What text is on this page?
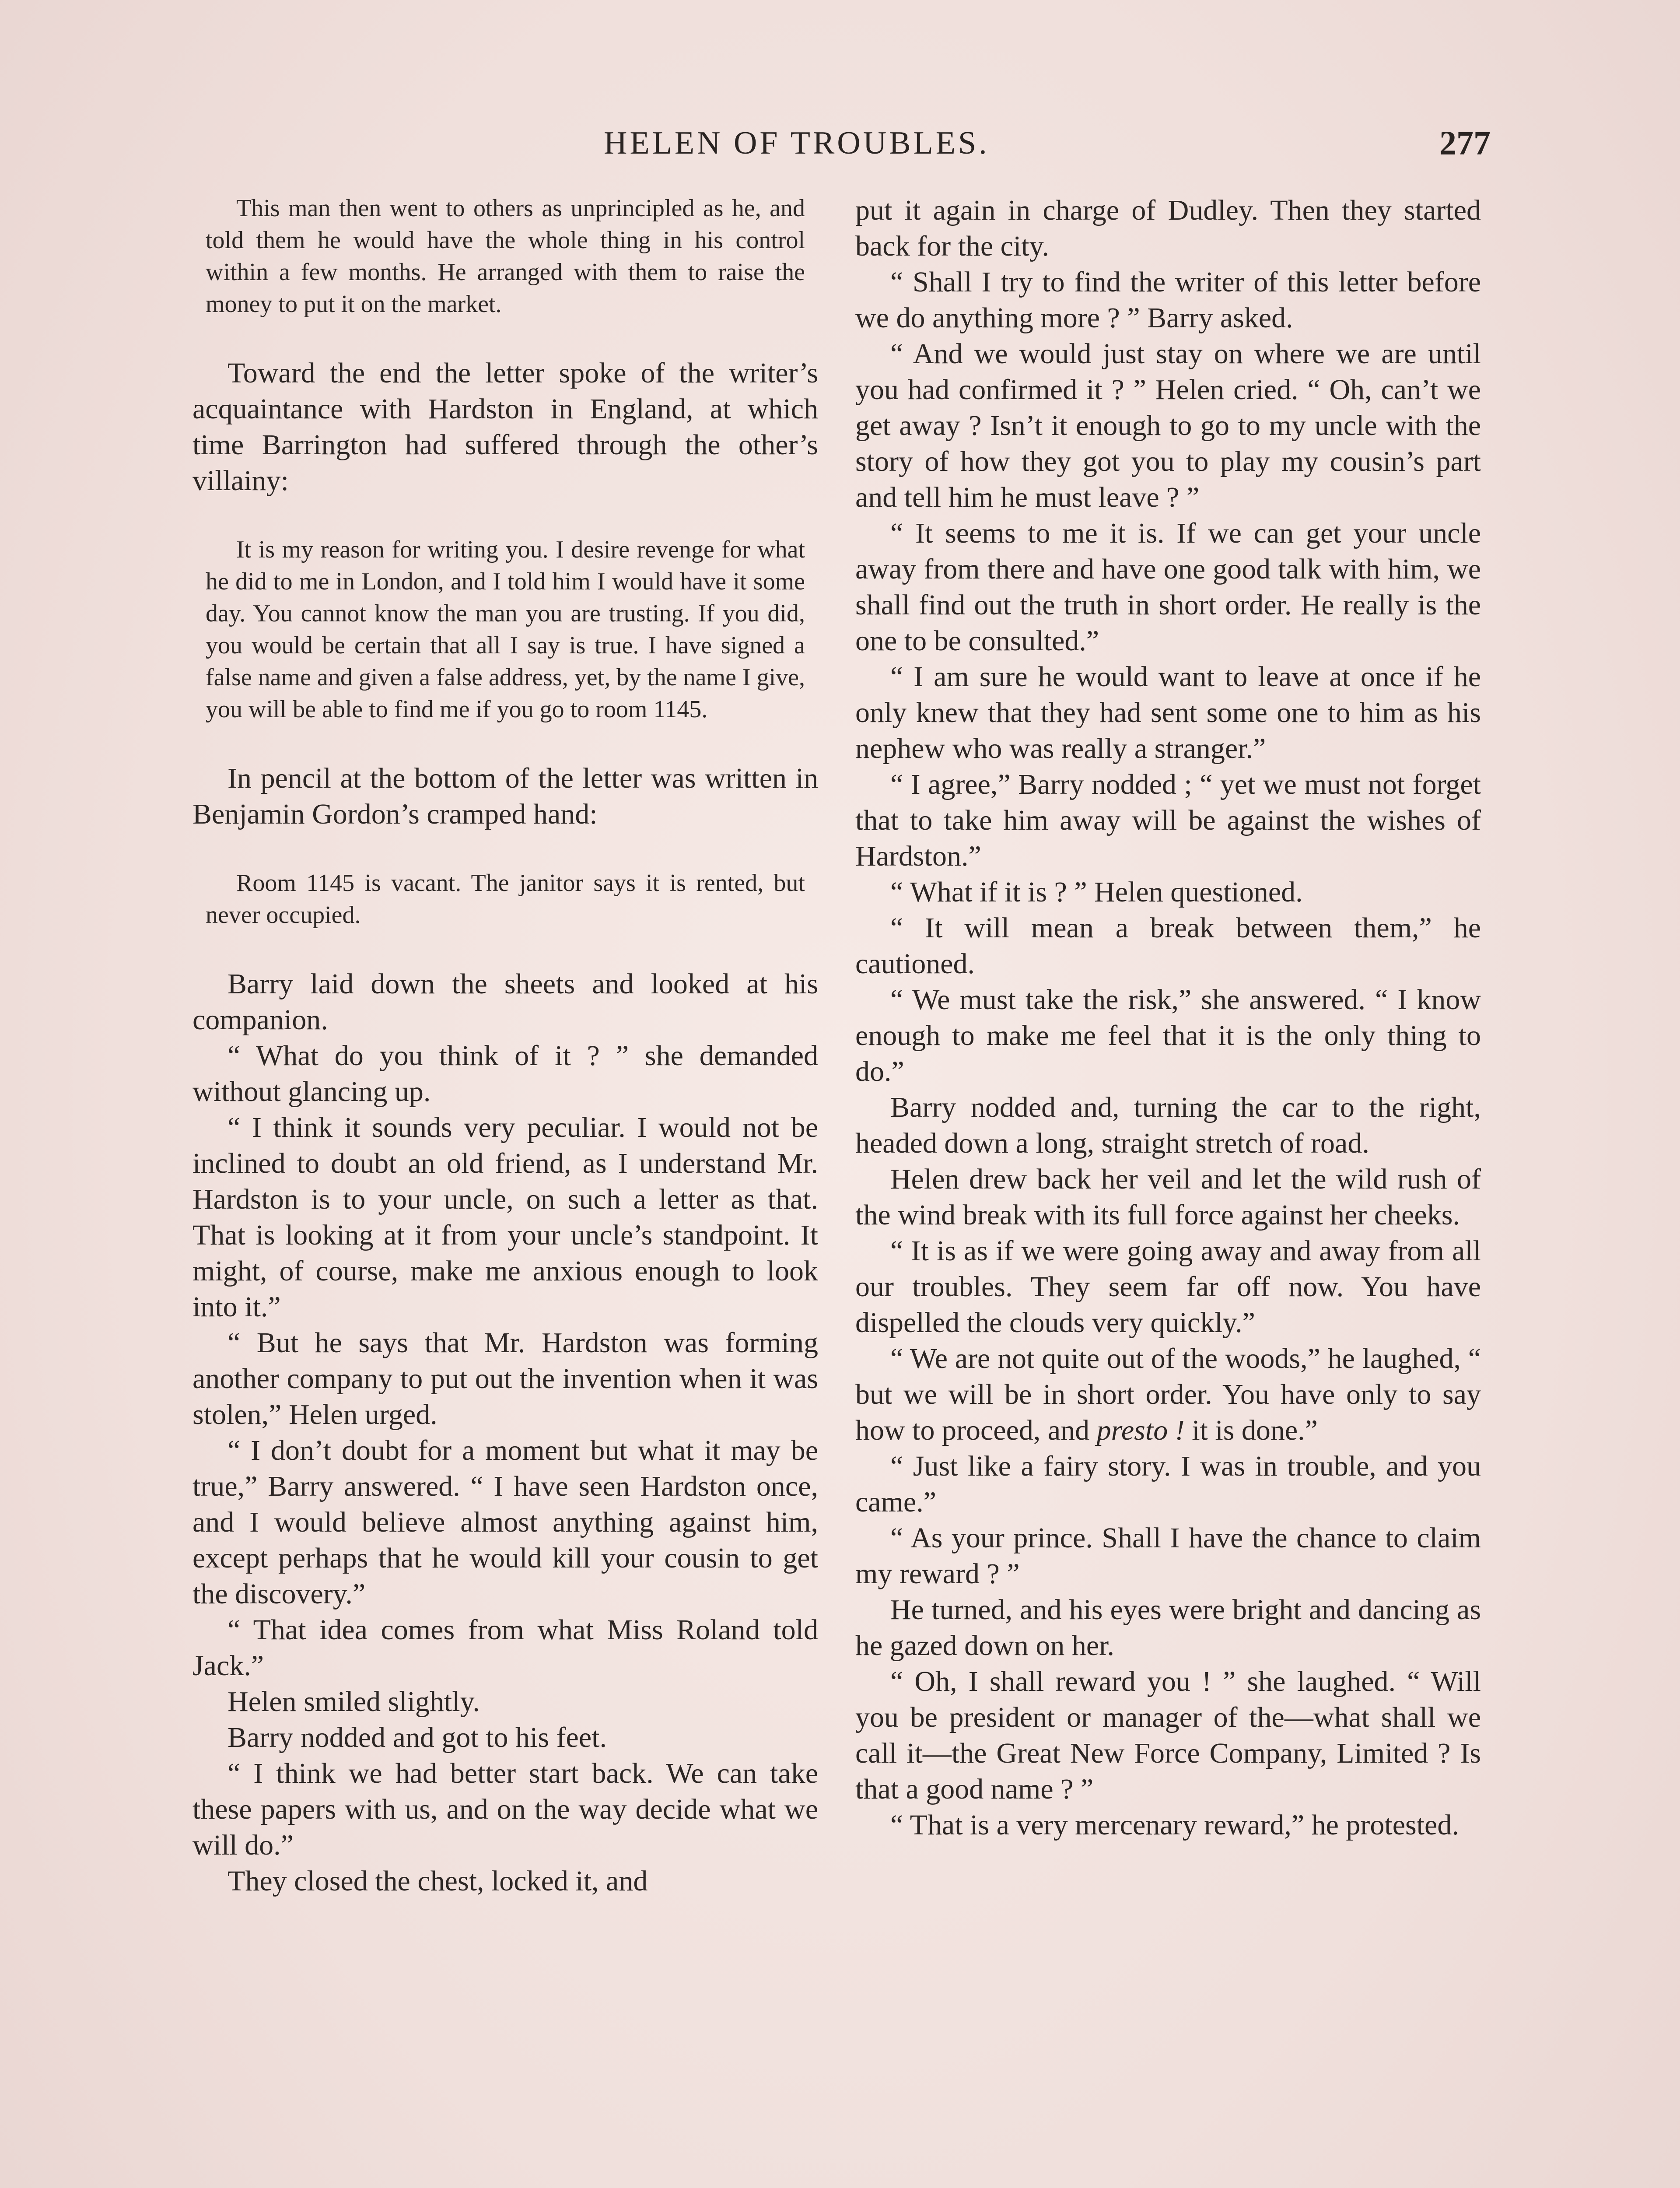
HELEN OF TROUBLES.	277

This man then went to others as unprincipled as he, and told them he would have the whole thing in his control within a few months. He arranged with them to raise the money to put it on the market.

Toward the end the letter spoke of the writer’s acquaintance with Hardston in England, at which time Barrington had suffered through the other’s villainy:

It is my reason for writing you. I desire revenge for what he did to me in London, and I told him I would have it some day. You cannot know the man you are trusting. If you did, you would be certain that all I say is true. I have signed a false name and given a false address, yet, by the name I give, you will be able to find me if you go to room 1145.

In pencil at the bottom of the letter was written in Benjamin Gordon’s cramped hand:

Room 1145 is vacant. The janitor says it is rented, but never occupied.

Barry laid down the sheets and looked at his companion.

“ What do you think of it ? ” she demanded without glancing up.

“ I think it sounds very peculiar. I would not be inclined to doubt an old friend, as I understand Mr. Hardston is to your uncle, on such a letter as that. That is looking at it from your uncle’s standpoint. It might, of course, make me anxious enough to look into it.”

“ But he says that Mr. Hardston was forming another company to put out the invention when it was stolen,” Helen urged.

“ I don’t doubt for a moment but what it may be true,” Barry answered. “ I have seen Hardston once, and I would believe almost anything against him, except perhaps that he would kill your cousin to get the discovery.”

“ That idea comes from what Miss Roland told Jack.”

Helen smiled slightly.

Barry nodded and got to his feet.

“ I think we had better start back. We can take these papers with us, and on the way decide what we will do.”

They closed the chest, locked it, and

put it again in charge of Dudley. Then they started back for the city.

“ Shall I try to find the writer of this letter before we do anything more ? ” Barry asked.

“ And we would just stay on where we are until you had confirmed it ? ” Helen cried. “ Oh, can’t we get away ? Isn’t it enough to go to my uncle with the story of how they got you to play my cousin’s part and tell him he must leave ? ”

“ It seems to me it is. If we can get your uncle away from there and have one good talk with him, we shall find out the truth in short order. He really is the one to be consulted.”

“ I am sure he would want to leave at once if he only knew that they had sent some one to him as his nephew who was really a stranger.”

“ I agree,” Barry nodded ; “ yet we must not forget that to take him away will be against the wishes of Hardston.”

“ What if it is ? ” Helen questioned.

“ It will mean a break between them,” he cautioned.

“ We must take the risk,” she answered. “ I know enough to make me feel that it is the only thing to do.”

Barry nodded and, turning the car to the right, headed down a long, straight stretch of road.

Helen drew back her veil and let the wild rush of the wind break with its full force against her cheeks.

“ It is as if we were going away and away from all our troubles. They seem far off now. You have dispelled the clouds very quickly.”

“ We are not quite out of the woods,” he laughed, “ but we will be in short order. You have only to say how to proceed, and presto ! it is done.”

“ Just like a fairy story. I was in trouble, and you came.”

“ As your prince. Shall I have the chance to claim my reward ? ”

He turned, and his eyes were bright and dancing as he gazed down on her.

“ Oh, I shall reward you ! ” she laughed. “ Will you be president or manager of the—what shall we call it—the Great New Force Company, Limited ? Is that a good name ? ”

“ That is a very mercenary reward,” he protested.
